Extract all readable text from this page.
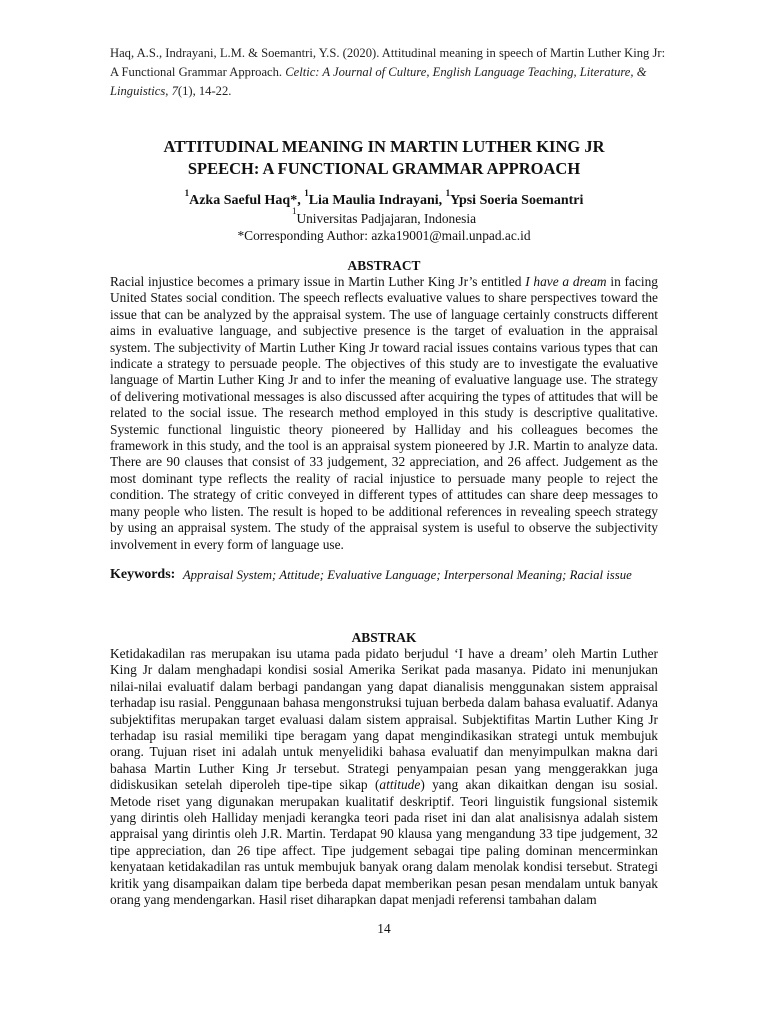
Haq, A.S., Indrayani, L.M. & Soemantri, Y.S. (2020). Attitudinal meaning in speech of Martin Luther King Jr: A Functional Grammar Approach. Celtic: A Journal of Culture, English Language Teaching, Literature, & Linguistics, 7(1), 14-22.
ATTITUDINAL MEANING IN MARTIN LUTHER KING JR
SPEECH: A FUNCTIONAL GRAMMAR APPROACH
$^1$Azka Saeful Haq*, $^1$Lia Maulia Indrayani, $^1$Ypsi Soeria Soemantri
$^1$Universitas Padjajaran, Indonesia
*Corresponding Author: azka19001@mail.unpad.ac.id
ABSTRACT
Racial injustice becomes a primary issue in Martin Luther King Jr’s entitled I have a dream in facing United States social condition. The speech reflects evaluative values to share perspectives toward the issue that can be analyzed by the appraisal system. The use of language certainly constructs different aims in evaluative language, and subjective presence is the target of evaluation in the appraisal system. The subjectivity of Martin Luther King Jr toward racial issues contains various types that can indicate a strategy to persuade people. The objectives of this study are to investigate the evaluative language of Martin Luther King Jr and to infer the meaning of evaluative language use. The strategy of delivering motivational messages is also discussed after acquiring the types of attitudes that will be related to the social issue. The research method employed in this study is descriptive qualitative. Systemic functional linguistic theory pioneered by Halliday and his colleagues becomes the framework in this study, and the tool is an appraisal system pioneered by J.R. Martin to analyze data. There are 90 clauses that consist of 33 judgement, 32 appreciation, and 26 affect. Judgement as the most dominant type reflects the reality of racial injustice to persuade many people to reject the condition. The strategy of critic conveyed in different types of attitudes can share deep messages to many people who listen. The result is hoped to be additional references in revealing speech strategy by using an appraisal system. The study of the appraisal system is useful to observe the subjectivity involvement in every form of language use.
Keywords: Appraisal System; Attitude; Evaluative Language; Interpersonal Meaning; Racial issue
ABSTRAK
Ketidakadilan ras merupakan isu utama pada pidato berjudul ‘I have a dream’ oleh Martin Luther King Jr dalam menghadapi kondisi sosial Amerika Serikat pada masanya. Pidato ini menunjukan nilai-nilai evaluatif dalam berbagi pandangan yang dapat dianalisis menggunakan sistem appraisal terhadap isu rasial. Penggunaan bahasa mengonstruksi tujuan berbeda dalam bahasa evaluatif. Adanya subjektifitas merupakan target evaluasi dalam sistem appraisal. Subjektifitas Martin Luther King Jr terhadap isu rasial memiliki tipe beragam yang dapat mengindikasikan strategi untuk membujuk orang. Tujuan riset ini adalah untuk menyelidiki bahasa evaluatif dan menyimpulkan makna dari bahasa Martin Luther King Jr tersebut. Strategi penyampaian pesan yang menggerakkan juga didiskusikan setelah diperoleh tipe-tipe sikap (attitude) yang akan dikaitkan dengan isu sosial. Metode riset yang digunakan merupakan kualitatif deskriptif. Teori linguistik fungsional sistemik yang dirintis oleh Halliday menjadi kerangka teori pada riset ini dan alat analisisnya adalah sistem appraisal yang dirintis oleh J.R. Martin. Terdapat 90 klausa yang mengandung 33 tipe judgement, 32 tipe appreciation, dan 26 tipe affect. Tipe judgement sebagai tipe paling dominan mencerminkan kenyataan ketidakadilan ras untuk membujuk banyak orang dalam menolak kondisi tersebut. Strategi kritik yang disampaikan dalam tipe berbeda dapat memberikan pesan pesan mendalam untuk banyak orang yang mendengarkan. Hasil riset diharapkan dapat menjadi referensi tambahan dalam
14
